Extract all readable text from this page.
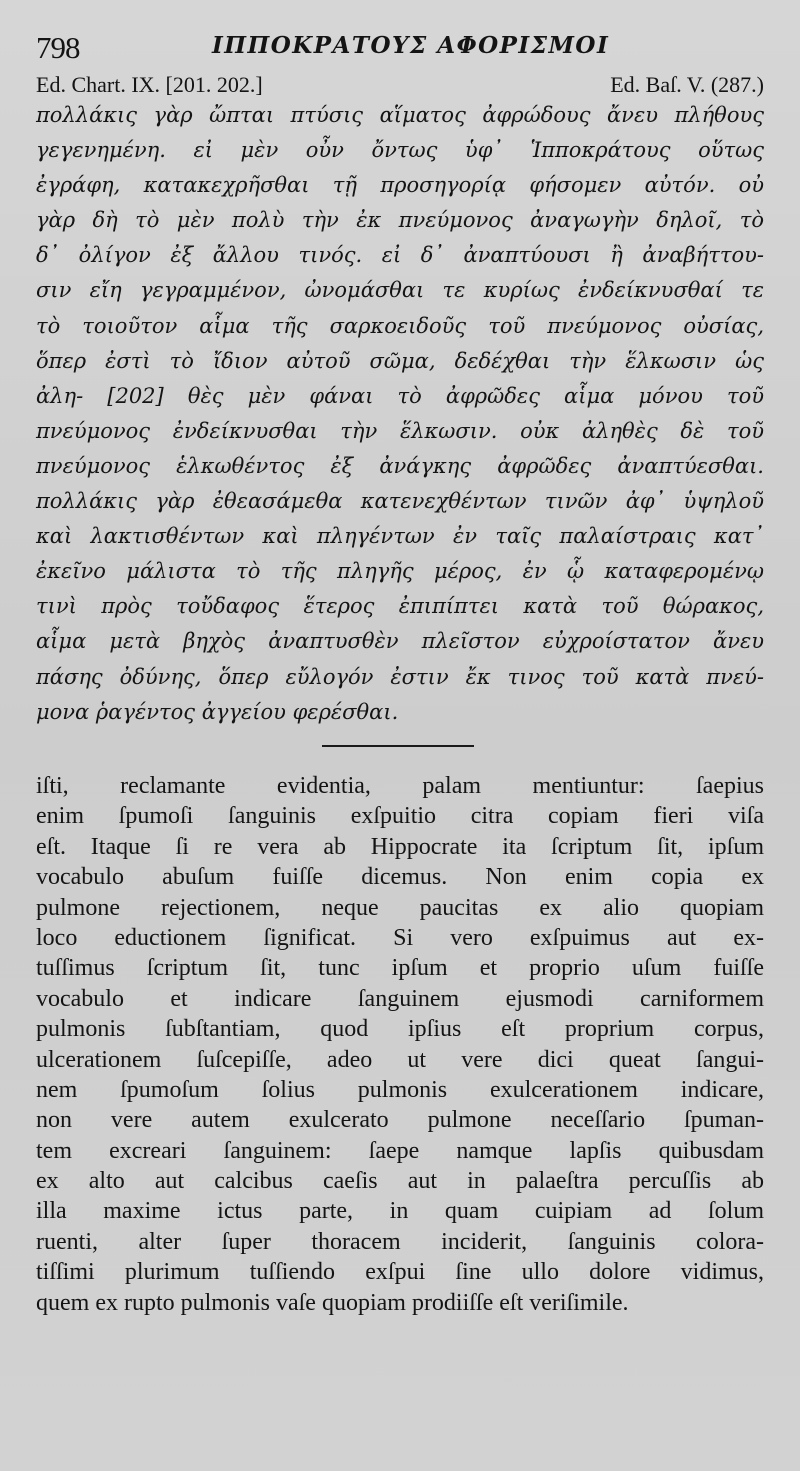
798	ΙΠΠΟΚΡΑΤΟΥΣ ΑΦΟΡΙΣΜΟΙ
Ed. Chart. IX. [201. 202.]	Ed. Baſ. V. (287.)
πολλάκις γὰρ ὤπται πτύσις αἵματος ἀφρώδους ἄνευ πλήθους
γεγενημένη. εἰ μὲν οὖν ὄντως ὑφ᾽ Ἱπποκράτους οὕτως
ἐγράφη, κατακεχρῆσθαι τῇ προσηγορίᾳ φήσομεν αὐτόν. οὐ
γὰρ δὴ τὸ μὲν πολὺ τὴν ἐκ πνεύμονος ἀναγωγὴν δηλοῖ, τὸ
δ᾽ ὀλίγον ἐξ ἄλλου τινός. εἰ δ᾽ ἀναπτύουσι ἢ ἀναβήττου-
σιν εἴη γεγραμμένον, ὠνομάσθαι τε κυρίως ἐνδείκνυσθαί τε
τὸ τοιοῦτον αἷμα τῆς σαρκοειδοῦς τοῦ πνεύμονος οὐσίας,
ὅπερ ἐστὶ τὸ ἴδιον αὐτοῦ σῶμα, δεδέχθαι τὴν ἕλκωσιν ὡς
ἀλη- [202] θὲς μὲν φάναι τὸ ἀφρῶδες αἷμα μόνου τοῦ
πνεύμονος ἐνδείκνυσθαι τὴν ἕλκωσιν. οὐκ ἀληθὲς δὲ τοῦ
πνεύμονος ἑλκωθέντος ἐξ ἀνάγκης ἀφρῶδες ἀναπτύεσθαι.
πολλάκις γὰρ ἐθεασάμεθα κατενεχθέντων τινῶν ἀφ᾽ ὑψηλοῦ
καὶ λακτισθέντων καὶ πληγέντων ἐν ταῖς παλαίστραις κατ᾽
ἐκεῖνο μάλιστα τὸ τῆς πληγῆς μέρος, ἐν ᾧ καταφερομένῳ
τινὶ πρὸς τοὔδαφος ἕτερος ἐπιπίπτει κατὰ τοῦ θώρακος,
αἷμα μετὰ βηχὸς ἀναπτυσθὲν πλεῖστον εὐχροίστατον ἄνευ
πάσης ὀδύνης, ὅπερ εὔλογόν ἐστιν ἔκ τινος τοῦ κατὰ πνεύ-
μονα ῥαγέντος ἀγγείου φερέσθαι.
iſti, reclamante evidentia, palam mentiuntur: ſaepius
enim ſpumoſi ſanguinis exſpuitio citra copiam fieri viſa
eſt. Itaque ſi re vera ab Hippocrate ita ſcriptum ſit, ipſum
vocabulo abuſum fuiſſe dicemus. Non enim copia ex
pulmone rejectionem, neque paucitas ex alio quopiam
loco eductionem ſignificat. Si vero exſpuimus aut ex-
tuſſimus ſcriptum ſit, tunc ipſum et proprio uſum fuiſſe
vocabulo et indicare ſanguinem ejusmodi carniformem
pulmonis ſubſtantiam, quod ipſius eſt proprium corpus,
ulcerationem ſuſcepiſſe, adeo ut vere dici queat ſangui-
nem ſpumoſum ſolius pulmonis exulcerationem indicare,
non vere autem exulcerato pulmone neceſſario ſpuman-
tem excreari ſanguinem: ſaepe namque lapſis quibusdam
ex alto aut calcibus caeſis aut in palaeſtra percuſſis ab
illa maxime ictus parte, in quam cuipiam ad ſolum
ruenti, alter ſuper thoracem inciderit, ſanguinis colora-
tiſſimi plurimum tuſſiendo exſpui ſine ullo dolore vidimus,
quem ex rupto pulmonis vaſe quopiam prodiiſſe eſt veriſimile.
